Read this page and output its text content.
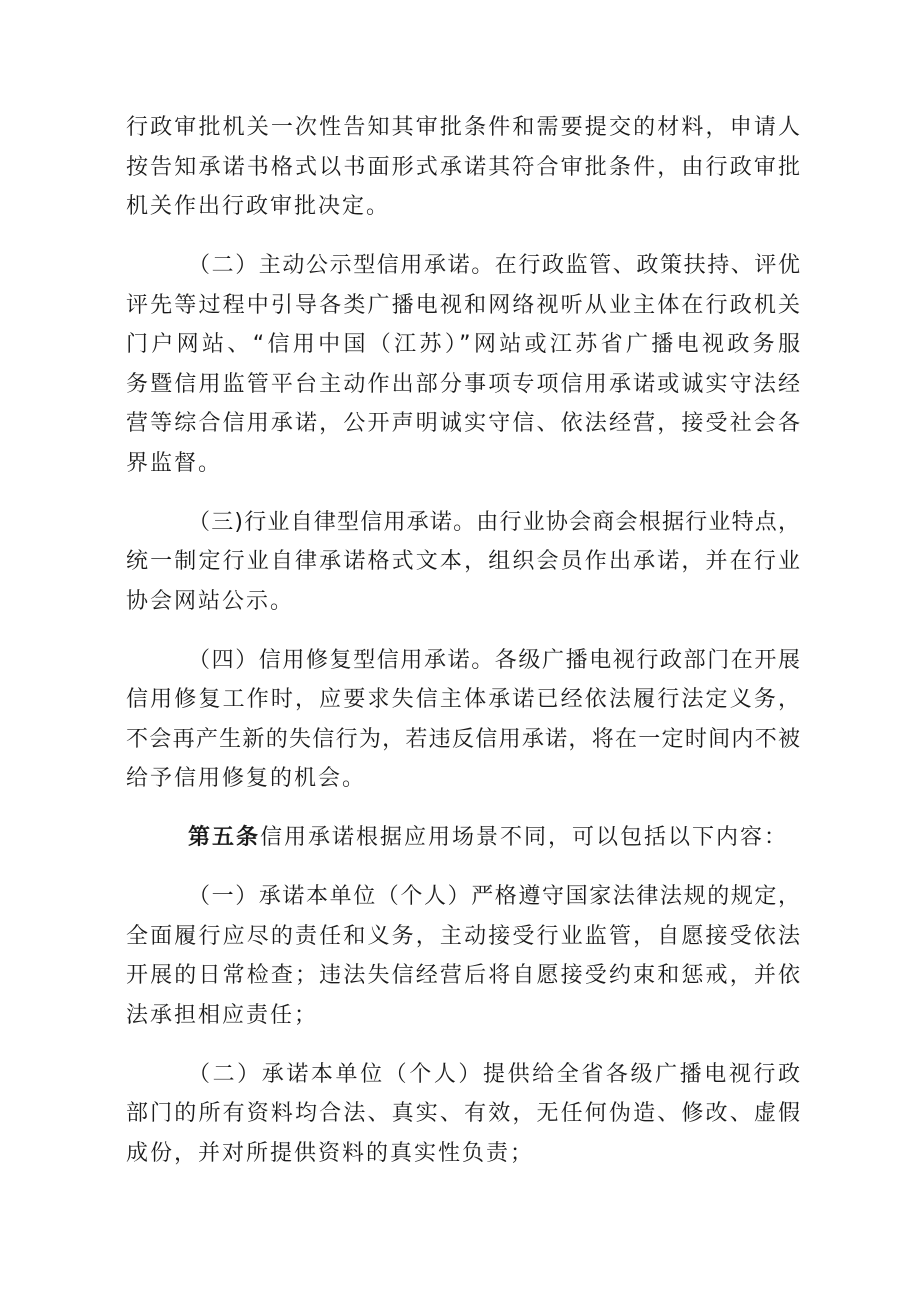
行政审批机关一次性告知其审批条件和需要提交的材料，申请人
按告知承诺书格式以书面形式承诺其符合审批条件，由行政审批
机关作出行政审批决定。
（二）主动公示型信用承诺。在行政监管、政策扶持、评优
评先等过程中引导各类广播电视和网络视听从业主体在行政机关
门户网站、“信用中国（江苏）”网站或江苏省广播电视政务服
务暨信用监管平台主动作出部分事项专项信用承诺或诚实守法经
营等综合信用承诺，公开声明诚实守信、依法经营，接受社会各
界监督。
（三)行业自律型信用承诺。由行业协会商会根据行业特点，
统一制定行业自律承诺格式文本，组织会员作出承诺，并在行业
协会网站公示。
（四）信用修复型信用承诺。各级广播电视行政部门在开展
信用修复工作时，应要求失信主体承诺已经依法履行法定义务，
不会再产生新的失信行为，若违反信用承诺，将在一定时间内不被
给予信用修复的机会。
第五条信用承诺根据应用场景不同，可以包括以下内容：
（一）承诺本单位（个人）严格遵守国家法律法规的规定，
全面履行应尽的责任和义务，主动接受行业监管，自愿接受依法
开展的日常检查；违法失信经营后将自愿接受约束和惩戒，并依
法承担相应责任；
（二）承诺本单位（个人）提供给全省各级广播电视行政
部门的所有资料均合法、真实、有效，无任何伪造、修改、虚假
成份，并对所提供资料的真实性负责；
